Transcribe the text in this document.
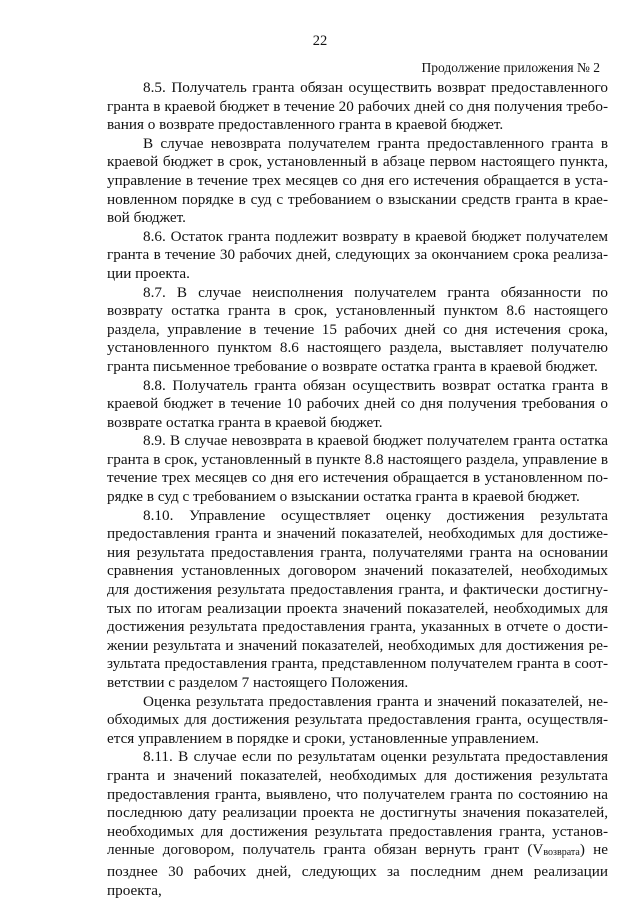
22
Продолжение приложения № 2

8.5. Получатель гранта обязан осуществить возврат предоставленного гранта в краевой бюджет в течение 20 рабочих дней со дня получения требования о возврате предоставленного гранта в краевой бюджет.

В случае невозврата получателем гранта предоставленного гранта в краевой бюджет в срок, установленный в абзаце первом настоящего пункта, управление в течение трех месяцев со дня его истечения обращается в установленном порядке в суд с требованием о взыскании средств гранта в краевой бюджет.

8.6. Остаток гранта подлежит возврату в краевой бюджет получателем гранта в течение 30 рабочих дней, следующих за окончанием срока реализации проекта.

8.7. В случае неисполнения получателем гранта обязанности по возврату остатка гранта в срок, установленный пунктом 8.6 настоящего раздела, управление в течение 15 рабочих дней со дня истечения срока, установленного пунктом 8.6 настоящего раздела, выставляет получателю гранта письменное требование о возврате остатка гранта в краевой бюджет.

8.8. Получатель гранта обязан осуществить возврат остатка гранта в краевой бюджет в течение 10 рабочих дней со дня получения требования о возврате остатка гранта в краевой бюджет.

8.9. В случае невозврата в краевой бюджет получателем гранта остатка гранта в срок, установленный в пункте 8.8 настоящего раздела, управление в течение трех месяцев со дня его истечения обращается в установленном порядке в суд с требованием о взыскании остатка гранта в краевой бюджет.

8.10. Управление осуществляет оценку достижения результата предоставления гранта и значений показателей, необходимых для достижения результата предоставления гранта, получателями гранта на основании сравнения установленных договором значений показателей, необходимых для достижения результата предоставления гранта, и фактически достигнутых по итогам реализации проекта значений показателей, необходимых для достижения результата предоставления гранта, указанных в отчете о достижении результата и значений показателей, необходимых для достижения результата предоставления гранта, представленном получателем гранта в соответствии с разделом 7 настоящего Положения.

Оценка результата предоставления гранта и значений показателей, необходимых для достижения результата предоставления гранта, осуществляется управлением в порядке и сроки, установленные управлением.

8.11. В случае если по результатам оценки результата предоставления гранта и значений показателей, необходимых для достижения результата предоставления гранта, выявлено, что получателем гранта по состоянию на последнюю дату реализации проекта не достигнуты значения показателей, необходимых для достижения результата предоставления гранта, установленные договором, получатель гранта обязан вернуть грант (Vвозврата) не позднее 30 рабочих дней, следующих за последним днем реализации проекта,
